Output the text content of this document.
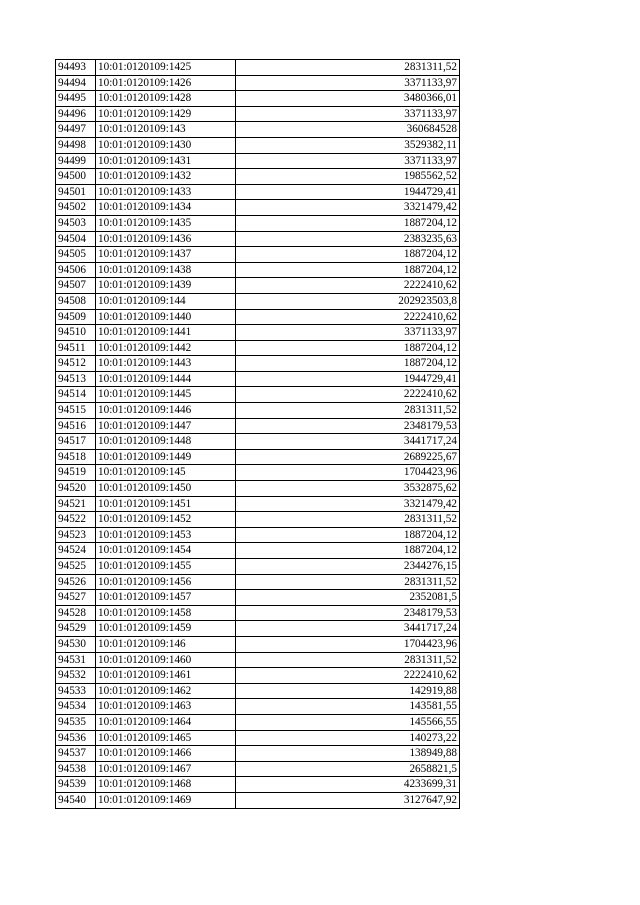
94493	10:01:0120109:1425	2831311,52
94494	10:01:0120109:1426	3371133,97
94495	10:01:0120109:1428	3480366,01
94496	10:01:0120109:1429	3371133,97
94497	10:01:0120109:143	360684528
94498	10:01:0120109:1430	3529382,11
94499	10:01:0120109:1431	3371133,97
94500	10:01:0120109:1432	1985562,52
94501	10:01:0120109:1433	1944729,41
94502	10:01:0120109:1434	3321479,42
94503	10:01:0120109:1435	1887204,12
94504	10:01:0120109:1436	2383235,63
94505	10:01:0120109:1437	1887204,12
94506	10:01:0120109:1438	1887204,12
94507	10:01:0120109:1439	2222410,62
94508	10:01:0120109:144	202923503,8
94509	10:01:0120109:1440	2222410,62
94510	10:01:0120109:1441	3371133,97
94511	10:01:0120109:1442	1887204,12
94512	10:01:0120109:1443	1887204,12
94513	10:01:0120109:1444	1944729,41
94514	10:01:0120109:1445	2222410,62
94515	10:01:0120109:1446	2831311,52
94516	10:01:0120109:1447	2348179,53
94517	10:01:0120109:1448	3441717,24
94518	10:01:0120109:1449	2689225,67
94519	10:01:0120109:145	1704423,96
94520	10:01:0120109:1450	3532875,62
94521	10:01:0120109:1451	3321479,42
94522	10:01:0120109:1452	2831311,52
94523	10:01:0120109:1453	1887204,12
94524	10:01:0120109:1454	1887204,12
94525	10:01:0120109:1455	2344276,15
94526	10:01:0120109:1456	2831311,52
94527	10:01:0120109:1457	2352081,5
94528	10:01:0120109:1458	2348179,53
94529	10:01:0120109:1459	3441717,24
94530	10:01:0120109:146	1704423,96
94531	10:01:0120109:1460	2831311,52
94532	10:01:0120109:1461	2222410,62
94533	10:01:0120109:1462	142919,88
94534	10:01:0120109:1463	143581,55
94535	10:01:0120109:1464	145566,55
94536	10:01:0120109:1465	140273,22
94537	10:01:0120109:1466	138949,88
94538	10:01:0120109:1467	2658821,5
94539	10:01:0120109:1468	4233699,31
94540	10:01:0120109:1469	3127647,92
